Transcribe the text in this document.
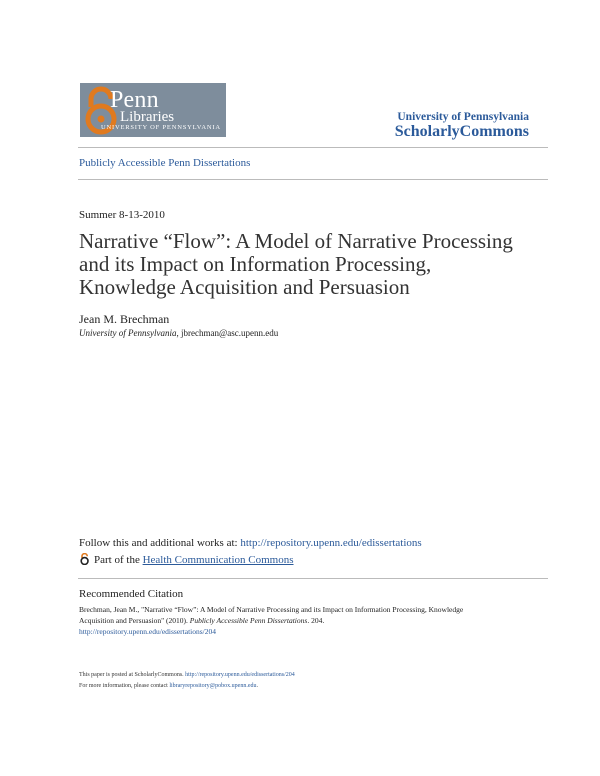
Penn
Libraries
UNIVERSITY OF PENNSYLVANIA
University of Pennsylvania
ScholarlyCommons
Publicly Accessible Penn Dissertations
Summer 8-13-2010
Narrative “Flow”: A Model of Narrative Processing
and its Impact on Information Processing,
Knowledge Acquisition and Persuasion
Jean M. Brechman
University of Pennsylvania, jbrechman@asc.upenn.edu
Follow this and additional works at: http://repository.upenn.edu/edissertations
Part of the Health Communication Commons
Recommended Citation
Brechman, Jean M., "Narrative “Flow”: A Model of Narrative Processing and its Impact on Information Processing, Knowledge
Acquisition and Persuasion" (2010). Publicly Accessible Penn Dissertations. 204.
http://repository.upenn.edu/edissertations/204
This paper is posted at ScholarlyCommons. http://repository.upenn.edu/edissertations/204
For more information, please contact libraryrepository@pobox.upenn.edu.
